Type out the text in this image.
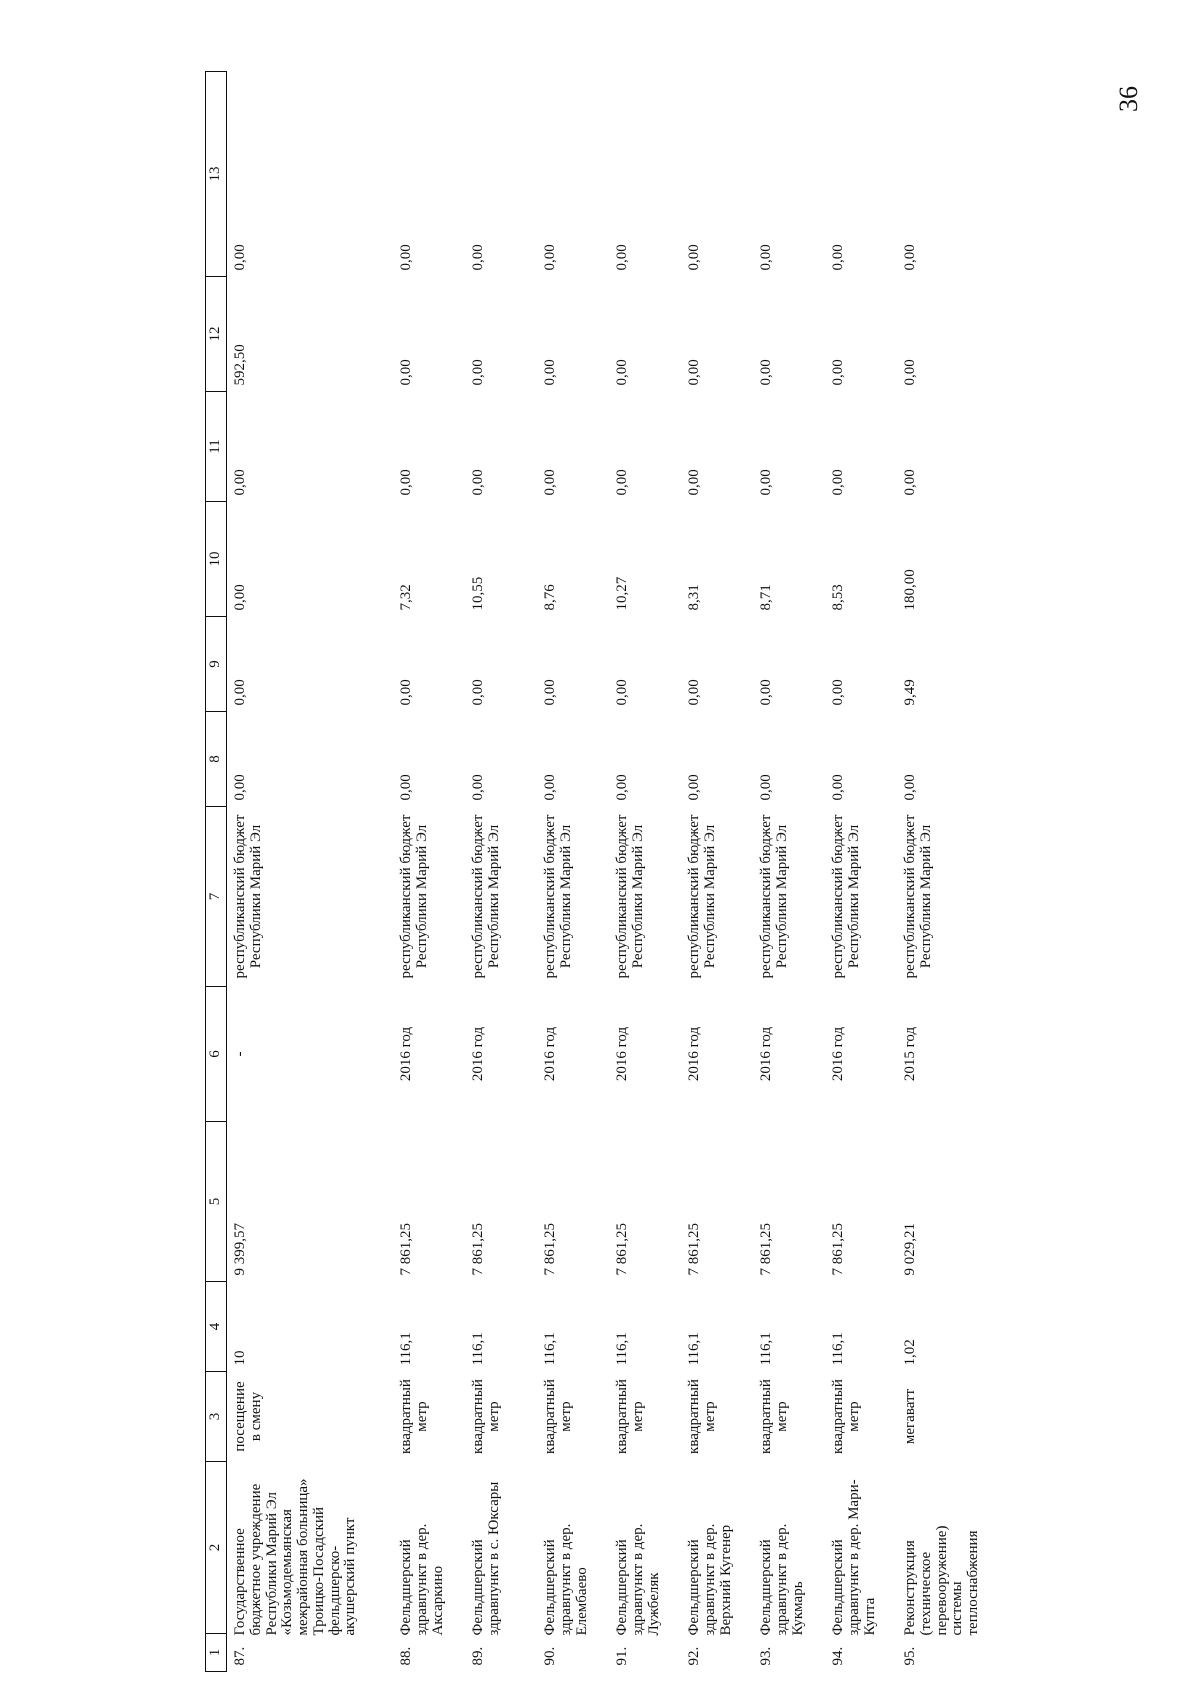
36
1	2	3	4	5	6	7	8	9	10	11	12	13
87.Государственное бюджетное учреждение Республики Марий Эл «Козьмодемьянская межрайонная больница» Троицко-Посадский фельдшерско-акушерский пункт		посещение в смену	10	9 399,57	-	республиканский бюджет Республики Марий Эл	0,00	0,00	0,00	0,00	592,50	0,00
88.Фельдшерский здравпункт в дер. Аксаркино		квадратный метр	116,1	7 861,25	2016 год	республиканский бюджет Республики Марий Эл	0,00	0,00	7,32	0,00	0,00	0,00
89.Фельдшерский здравпункт в с. Юксары		квадратный метр	116,1	7 861,25	2016 год	республиканский бюджет Республики Марий Эл	0,00	0,00	10,55	0,00	0,00	0,00
90.Фельдшерский здравпункт в дер. Елембаево		квадратный метр	116,1	7 861,25	2016 год	республиканский бюджет Республики Марий Эл	0,00	0,00	8,76	0,00	0,00	0,00
91.Фельдшерский здравпункт в дер. Лужбеляк		квадратный метр	116,1	7 861,25	2016 год	республиканский бюджет Республики Марий Эл	0,00	0,00	10,27	0,00	0,00	0,00
92.Фельдшерский здравпункт в дер. Верхний Кугенер		квадратный метр	116,1	7 861,25	2016 год	республиканский бюджет Республики Марий Эл	0,00	0,00	8,31	0,00	0,00	0,00
93.Фельдшерский здравпункт в дер. Кукмарь		квадратный метр	116,1	7 861,25	2016 год	республиканский бюджет Республики Марий Эл	0,00	0,00	8,71	0,00	0,00	0,00
94.Фельдшерский здравпункт в дер. Мари-Купта		квадратный метр	116,1	7 861,25	2016 год	республиканский бюджет Республики Марий Эл	0,00	0,00	8,53	0,00	0,00	0,00
95.Реконструкция (техническое перевооружение) системы теплоснабжения		мегаватт	1,02	9 029,21	2015 год	республиканский бюджет Республики Марий Эл	0,00	9,49	180,00	0,00	0,00	0,00
